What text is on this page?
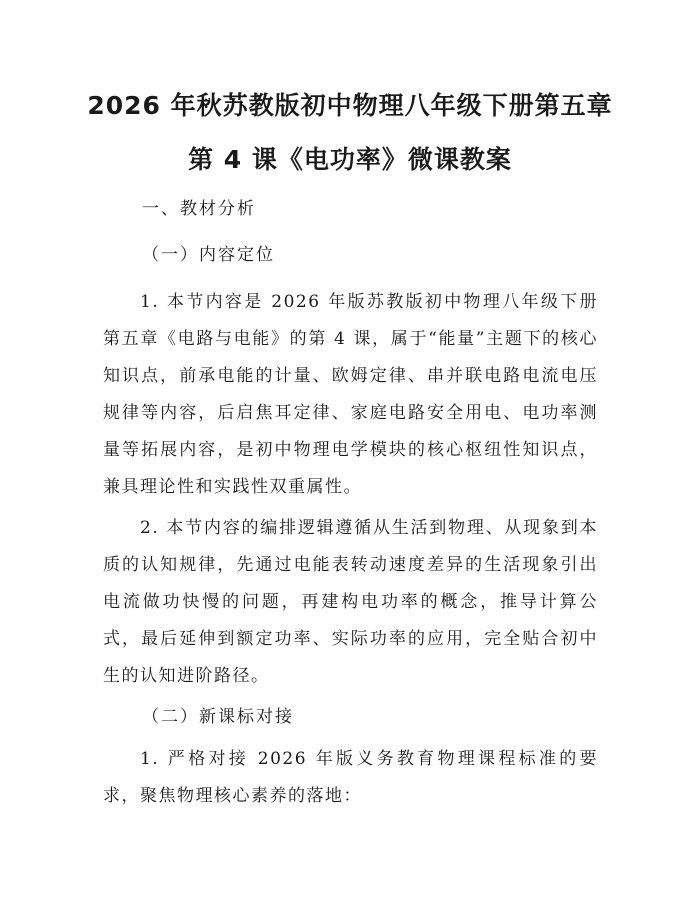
2026 年秋苏教版初中物理八年级下册第五章
第 4 课《电功率》微课教案

一、教材分析

（一）内容定位

1. 本节内容是 2026 年版苏教版初中物理八年级下册第五章《电路与电能》的第 4 课，属于“能量”主题下的核心知识点，前承电能的计量、欧姆定律、串并联电路电流电压规律等内容，后启焦耳定律、家庭电路安全用电、电功率测量等拓展内容，是初中物理电学模块的核心枢纽性知识点，兼具理论性和实践性双重属性。

2. 本节内容的编排逻辑遵循从生活到物理、从现象到本质的认知规律，先通过电能表转动速度差异的生活现象引出电流做功快慢的问题，再建构电功率的概念，推导计算公式，最后延伸到额定功率、实际功率的应用，完全贴合初中生的认知进阶路径。

（二）新课标对接

1. 严格对接 2026 年版义务教育物理课程标准的要求，聚焦物理核心素养的落地：
